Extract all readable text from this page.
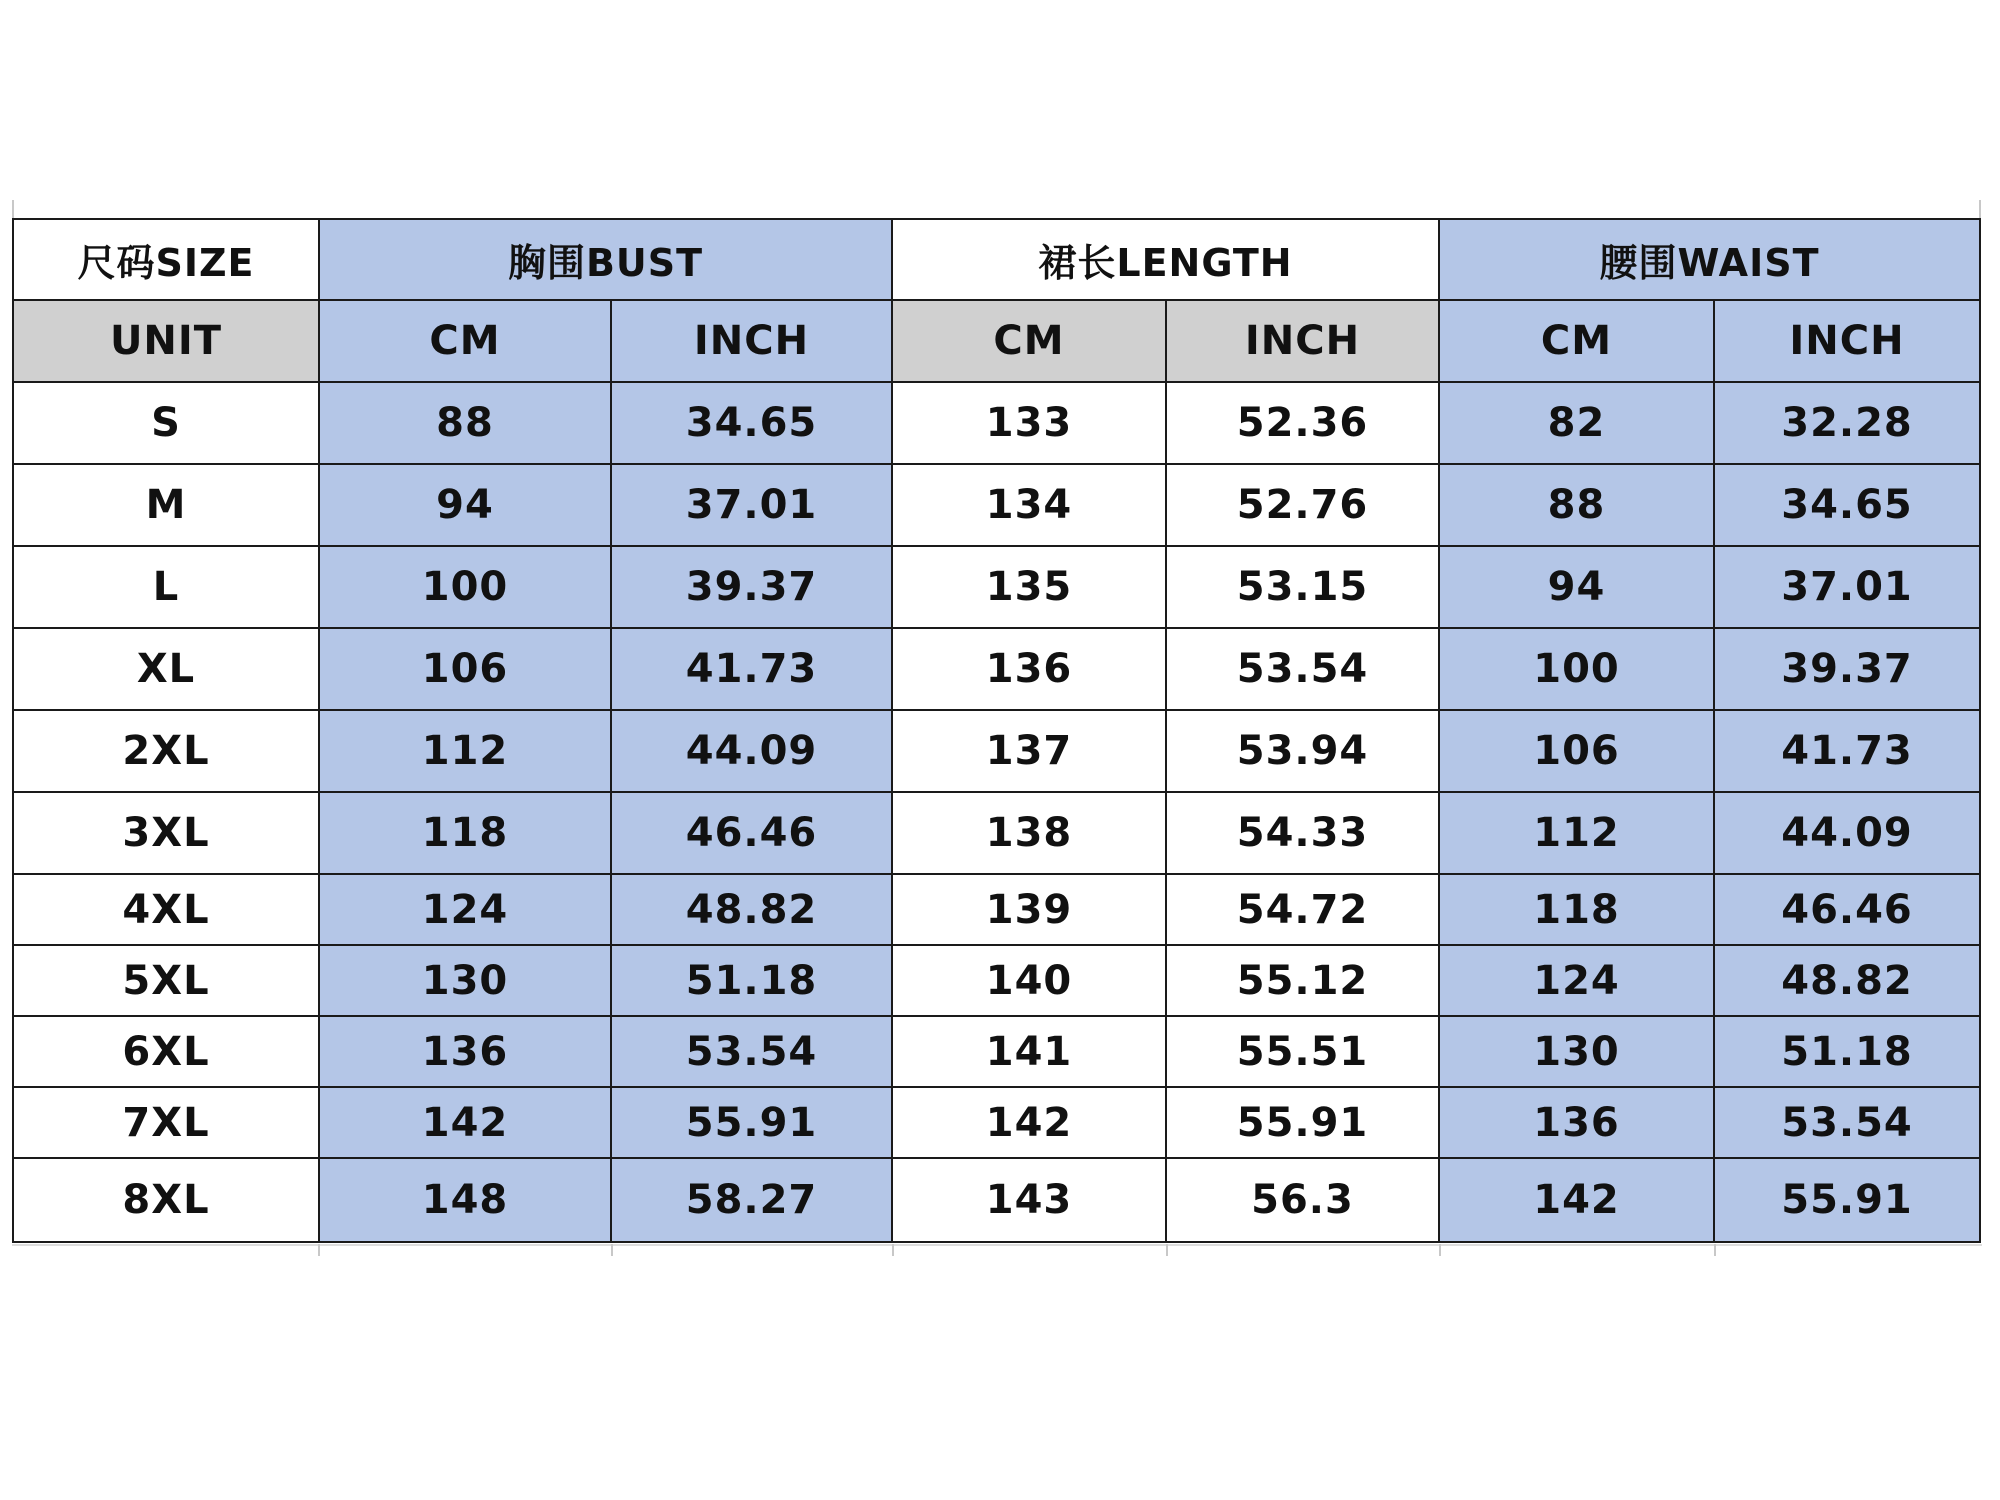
尺码SIZE	胸围BUST	裙长LENGTH	腰围WAIST
UNIT	CM	INCH	CM	INCH	CM	INCH
S	88	34.65	133	52.36	82	32.28
M	94	37.01	134	52.76	88	34.65
L	100	39.37	135	53.15	94	37.01
XL	106	41.73	136	53.54	100	39.37
2XL	112	44.09	137	53.94	106	41.73
3XL	118	46.46	138	54.33	112	44.09
4XL	124	48.82	139	54.72	118	46.46
5XL	130	51.18	140	55.12	124	48.82
6XL	136	53.54	141	55.51	130	51.18
7XL	142	55.91	142	55.91	136	53.54
8XL	148	58.27	143	56.3	142	55.91
